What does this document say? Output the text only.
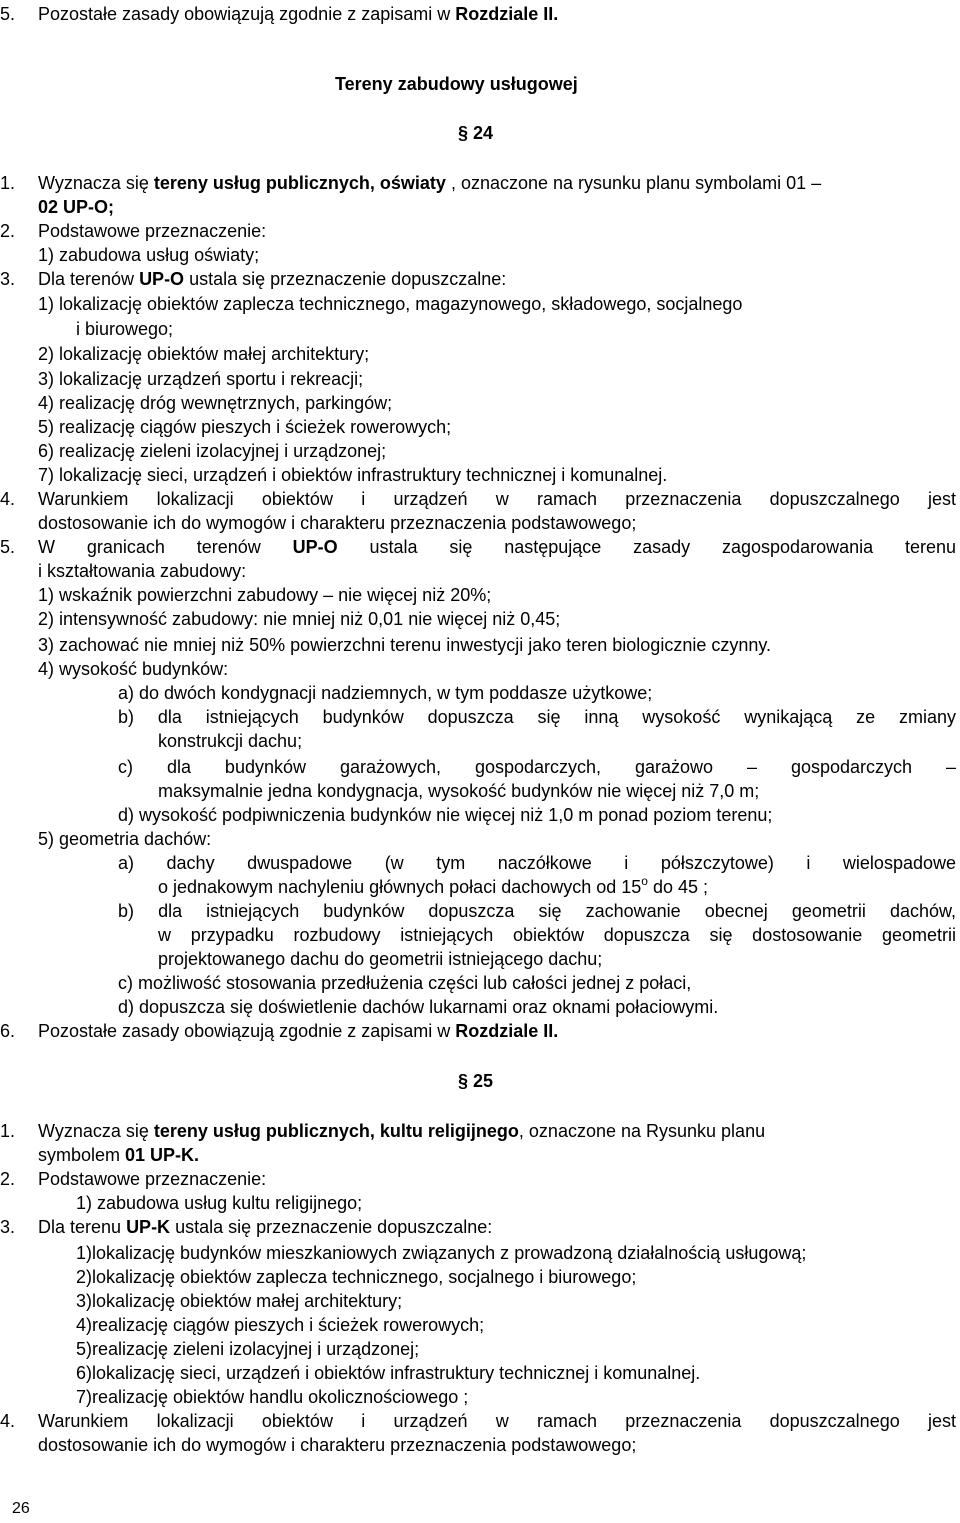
5. Pozostałe zasady obowiązują zgodnie z zapisami w Rozdziale II.
Tereny zabudowy usługowej
§ 24
1. Wyznacza się tereny usług publicznych, oświaty , oznaczone na rysunku planu symbolami 01 –
02 UP-O;
2. Podstawowe przeznaczenie:
1) zabudowa usług oświaty;
3. Dla terenów UP-O ustala się przeznaczenie dopuszczalne:
1) lokalizację obiektów zaplecza technicznego, magazynowego, składowego, socjalnego
i biurowego;
2) lokalizację obiektów małej architektury;
3) lokalizację urządzeń sportu i rekreacji;
4) realizację dróg wewnętrznych, parkingów;
5) realizację ciągów pieszych i ścieżek rowerowych;
6) realizację zieleni izolacyjnej i urządzonej;
7) lokalizację sieci, urządzeń i obiektów infrastruktury technicznej i komunalnej.
4. Warunkiem lokalizacji obiektów i urządzeń w ramach przeznaczenia dopuszczalnego jest
dostosowanie ich do wymogów i charakteru przeznaczenia podstawowego;
5. W granicach terenów UP-O ustala się następujące zasady zagospodarowania terenu
i kształtowania zabudowy:
1) wskaźnik powierzchni zabudowy – nie więcej niż 20%;
2) intensywność zabudowy: nie mniej niż 0,01 nie więcej niż 0,45;
3) zachować nie mniej niż 50% powierzchni terenu inwestycji jako teren biologicznie czynny.
4) wysokość budynków:
a) do dwóch kondygnacji nadziemnych, w tym poddasze użytkowe;
b) dla istniejących budynków dopuszcza się inną wysokość wynikającą ze zmiany
konstrukcji dachu;
c) dla budynków garażowych, gospodarczych, garażowo – gospodarczych –
maksymalnie jedna kondygnacja, wysokość budynków nie więcej niż 7,0 m;
d) wysokość podpiwniczenia budynków nie więcej niż 1,0 m ponad poziom terenu;
5) geometria dachów:
a) dachy dwuspadowe (w tym naczółkowe i półszczytowe) i wielospadowe
o jednakowym nachyleniu głównych połaci dachowych od 15$^o$ do 45 ;
b) dla istniejących budynków dopuszcza się zachowanie obecnej geometrii dachów,
w przypadku rozbudowy istniejących obiektów dopuszcza się dostosowanie geometrii
projektowanego dachu do geometrii istniejącego dachu;
c) możliwość stosowania przedłużenia części lub całości jednej z połaci,
d) dopuszcza się doświetlenie dachów lukarnami oraz oknami połaciowymi.
6. Pozostałe zasady obowiązują zgodnie z zapisami w Rozdziale II.
§ 25
1. Wyznacza się tereny usług publicznych, kultu religijnego, oznaczone na Rysunku planu
symbolem 01 UP-K.
2. Podstawowe przeznaczenie:
1) zabudowa usług kultu religijnego;
3. Dla terenu UP-K ustala się przeznaczenie dopuszczalne:
1)lokalizację budynków mieszkaniowych związanych z prowadzoną działalnością usługową;
2)lokalizację obiektów zaplecza technicznego, socjalnego i biurowego;
3)lokalizację obiektów małej architektury;
4)realizację ciągów pieszych i ścieżek rowerowych;
5)realizację zieleni izolacyjnej i urządzonej;
6)lokalizację sieci, urządzeń i obiektów infrastruktury technicznej i komunalnej.
7)realizację obiektów handlu okolicznościowego ;
4. Warunkiem lokalizacji obiektów i urządzeń w ramach przeznaczenia dopuszczalnego jest
dostosowanie ich do wymogów i charakteru przeznaczenia podstawowego;
26
